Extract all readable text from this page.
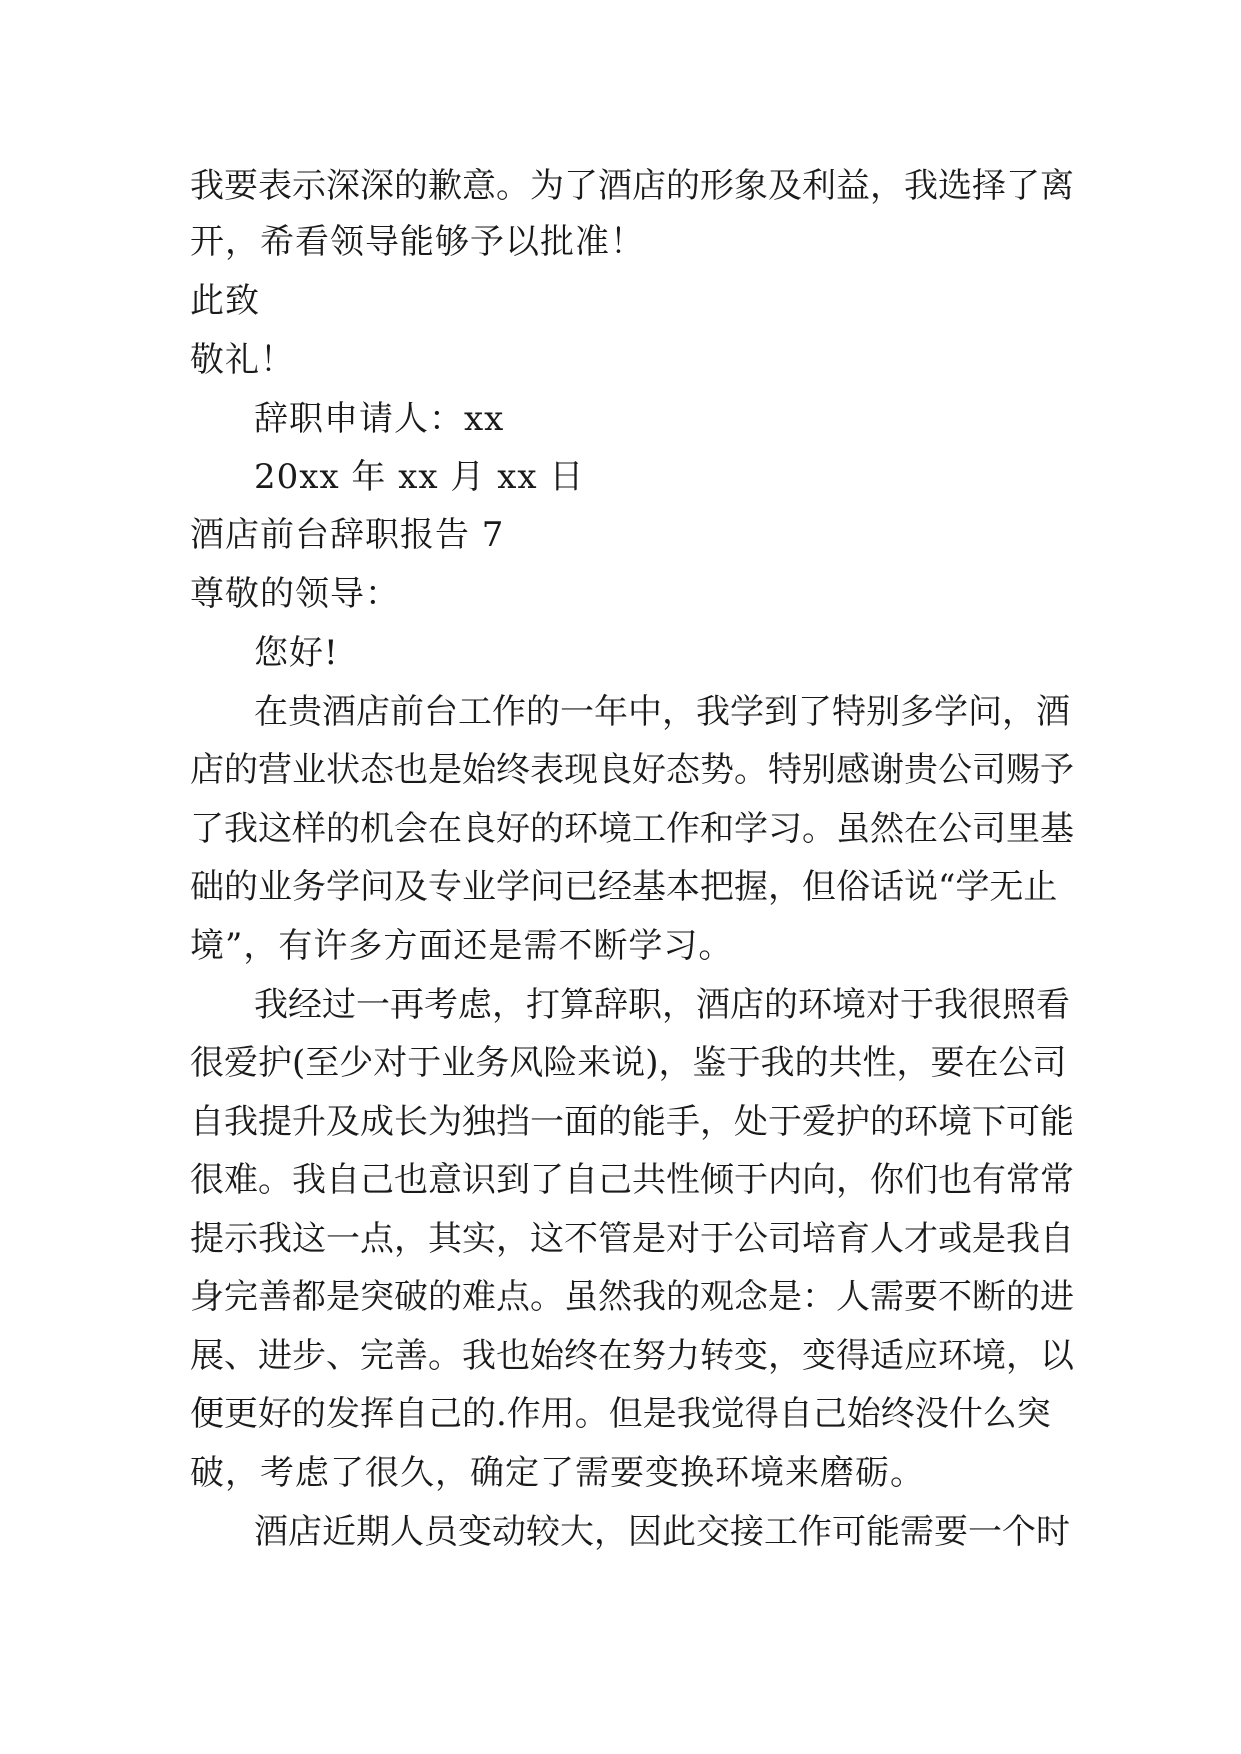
我要表示深深的歉意。为了酒店的形象及利益，我选择了离
开，希看领导能够予以批准！
此致
敬礼！
辞职申请人：xx
20xx 年 xx 月 xx 日
酒店前台辞职报告 7
尊敬的领导：
您好!
在贵酒店前台工作的一年中，我学到了特别多学问，酒
店的营业状态也是始终表现良好态势。特别感谢贵公司赐予
了我这样的机会在良好的环境工作和学习。虽然在公司里基
础的业务学问及专业学问已经基本把握，但俗话说“学无止
境”，有许多方面还是需不断学习。
我经过一再考虑，打算辞职，酒店的环境对于我很照看
很爱护(至少对于业务风险来说)，鉴于我的共性，要在公司
自我提升及成长为独挡一面的能手，处于爱护的环境下可能
很难。我自己也意识到了自己共性倾于内向，你们也有常常
提示我这一点，其实，这不管是对于公司培育人才或是我自
身完善都是突破的难点。虽然我的观念是：人需要不断的进
展、进步、完善。我也始终在努力转变，变得适应环境，以
便更好的发挥自己的.作用。但是我觉得自己始终没什么突
破，考虑了很久，确定了需要变换环境来磨砺。
酒店近期人员变动较大，因此交接工作可能需要一个时
